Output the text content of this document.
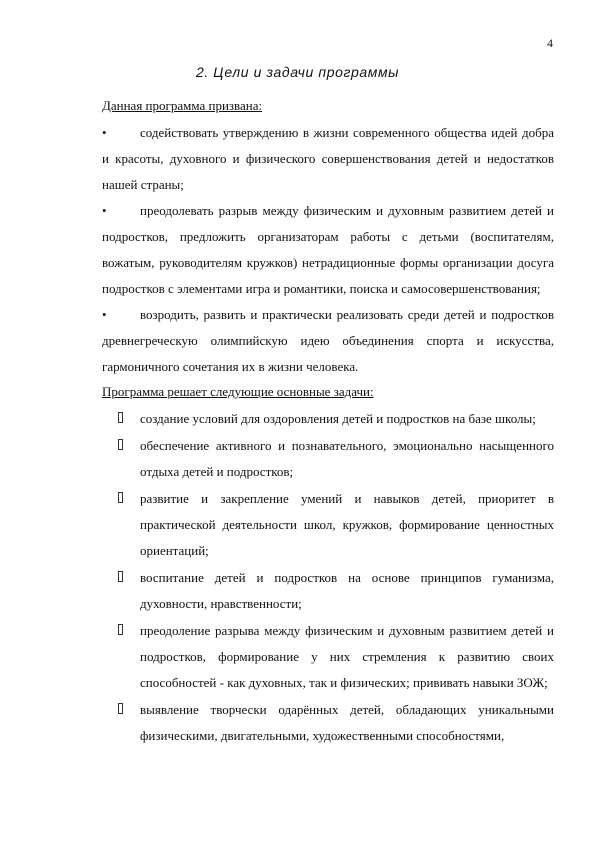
4
2. Цели и задачи программы

Данная программа призвана:

•	содействовать утверждению в жизни современного общества идей добра и красоты, духовного и физического совершенствования детей и недостатков нашей страны;

•	преодолевать разрыв между физическим и духовным развитием детей и подростков, предложить организаторам работы с детьми (воспитателям, вожатым, руководителям кружков) нетрадиционные формы организации досуга подростков с элементами игра и романтики, поиска и самосовершенствования;

•	возродить, развить и практически реализовать среди детей и подростков древнегреческую олимпийскую идею объединения спорта и искусства, гармоничного сочетания их в жизни человека.

Программа решает следующие основные задачи:

создание условий для оздоровления детей и подростков на базе школы;
обеспечение активного и познавательного, эмоционально насыщенного отдыха детей и подростков;
развитие и закрепление умений и навыков детей, приоритет в практической деятельности школ, кружков, формирование ценностных ориентаций;
воспитание детей и подростков на основе принципов гуманизма, духовности, нравственности;
преодоление разрыва между физическим и духовным развитием детей и подростков, формирование у них стремления к развитию своих способностей - как духовных, так и физических; прививать навыки ЗОЖ;
выявление творчески одарённых детей, обладающих уникальными физическими, двигательными, художественными способностями,
